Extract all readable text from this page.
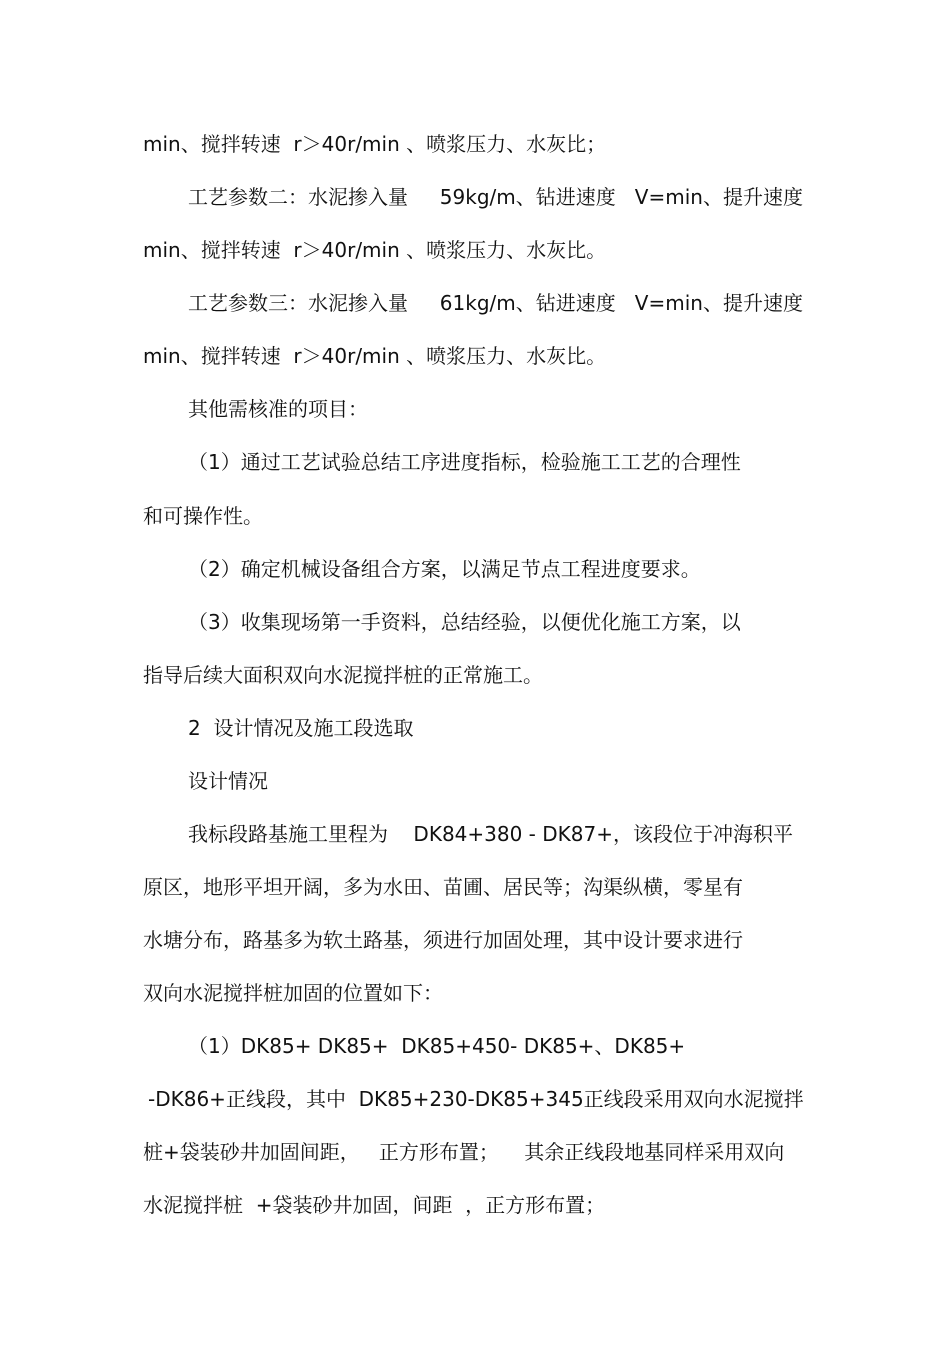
min、搅拌转速  r＞40r/min 、喷浆压力、水灰比；
工艺参数二：水泥掺入量     59kg/m、钻进速度   V=min、提升速度
min、搅拌转速  r＞40r/min 、喷浆压力、水灰比。
工艺参数三：水泥掺入量     61kg/m、钻进速度   V=min、提升速度
min、搅拌转速  r＞40r/min 、喷浆压力、水灰比。
其他需核准的项目：
（1）通过工艺试验总结工序进度指标，检验施工工艺的合理性
和可操作性。
（2）确定机械设备组合方案，以满足节点工程进度要求。
（3）收集现场第一手资料，总结经验，以便优化施工方案，以
指导后续大面积双向水泥搅拌桩的正常施工。
2  设计情况及施工段选取
设计情况
我标段路基施工里程为    DK84+380 - DK87+，该段位于冲海积平
原区，地形平坦开阔，多为水田、苗圃、居民等；沟渠纵横，零星有
水塘分布，路基多为软土路基，须进行加固处理，其中设计要求进行
双向水泥搅拌桩加固的位置如下：
（1）DK85+ DK85+  DK85+450- DK85+、DK85+
-DK86+正线段，其中  DK85+230-DK85+345正线段采用双向水泥搅拌
桩+袋装砂井加固间距，   正方形布置；    其余正线段地基同样采用双向
水泥搅拌桩  +袋装砂井加固，间距  ，正方形布置；
